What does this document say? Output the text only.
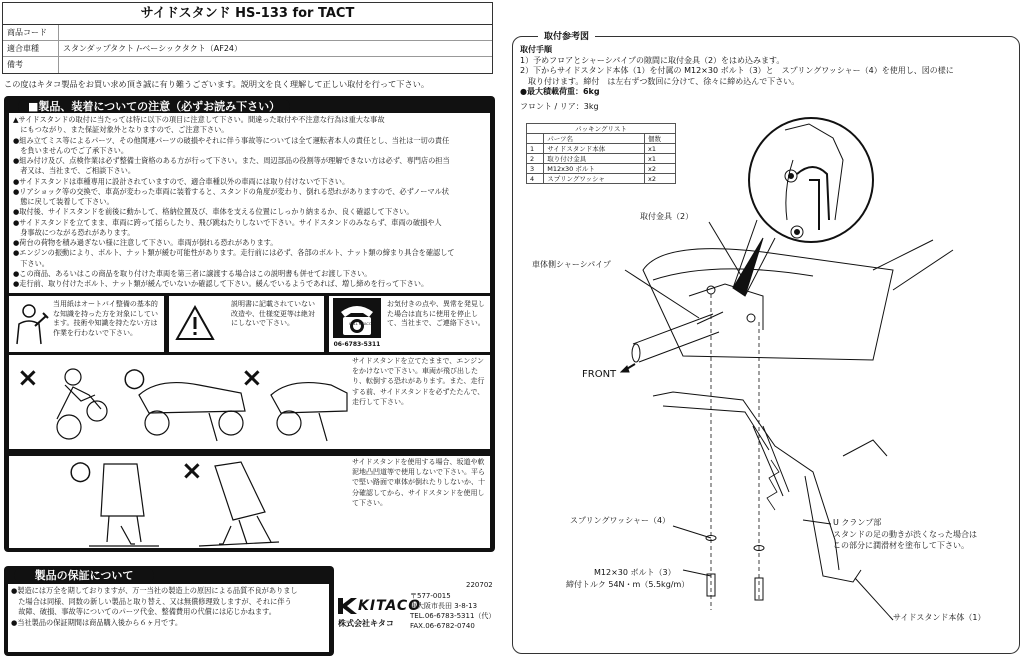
サイドスタンド HS-133 for TACT
商品コード
適合車種	スタンダップタクト /-ベーシックタクト（AF24）
備考
この度はキタコ製品をお買い求め頂き誠に有り難うございます。説明文を良く理解して正しい取付を行って下さい。
■製品、装着についての注意（必ずお読み下さい）
▲サイドスタンドの取付に当たっては特に以下の項目に注意して下さい。間違った取付や不注意な行為は重大な事故
　にもつながり、また保証対象外となりますので、ご注意下さい。
●組み立てミス等によるパーツ、その他関連パーツの破損やそれに伴う事故等については全て運転者本人の責任とし、当社は一切の責任
　を負いませんのでご了承下さい。
●組み付け及び、点検作業は必ず整備士資格のある方が行って下さい。また、周辺部品の役割等が理解できない方は必ず、専門店の担当
　者又は、当社まで、ご相談下さい。
●サイドスタンドは車種専用に設計されていますので、適合車種以外の車両には取り付けないで下さい。
●リアショック等の交換で、車高が変わった車両に装着すると、スタンドの角度が変わり、倒れる恐れがありますので、必ずノーマル状
　態に戻して装着して下さい。
●取付後、サイドスタンドを前後に動かして、格納位置及び、車体を支える位置にしっかり納まるか、良く確認して下さい。
●サイドスタンドを立てまま、車両に跨って揺らしたり、飛び跳ねたりしないで下さい。サイドスタンドのみならず、車両の破損や人
　身事故につながる恐れがあります。
●荷台の荷物を積み過ぎない様に注意して下さい。車両が倒れる恐れがあります。
●エンジンの振動により、ボルト、ナット類が緩む可能性があります。走行前には必ず、各部のボルト、ナット類の締まり具合を確認して
　下さい。
●この商品、あるいはこの商品を取り付けた車両を第三者に譲渡する場合はこの説明書も併せてお渡し下さい。
●走行前、取り付けたボルト、ナット類が緩んでいないか確認して下さい。緩んでいるようであれば、増し締めを行って下さい。
当用紙はオートバイ整備の基本的な知識を持った方を対象にしています。技術や知識を持たない方は作業を行わないで下さい。
説明書に記載されていない改造や、仕様変更等は絶対にしないで下さい。	CALL KITACO
06-6783-5311
お気付きの点や、異常を発見した場合は直ちに使用を停止して、当社まで、ご連絡下さい。
×	○	×
サイドスタンドを立てたままで、エンジンをかけないで下さい。車両が飛び出したり、転倒する恐れがあります。また、走行する前、サイドスタンドを必ずたたんで、走行して下さい。
○	×	サイドスタンドを使用する場合、坂道や軟泥地凸凹道等で使用しないで下さい。平らで堅い路面で車体が倒れたりしないか、十分確認してから、サイドスタンドを使用して下さい。
製品の保証について
●製造には万全を期しておりますが、万一当社の製造上の原因による品質不良がありまし
　た場合は同様、同数の新しい製品と取り替え、又は無償修理致しますが、それに伴う
　故障、破損、事故等についてのパーツ代金、整備費用の代償には応じかねます。
●当社製品の保証期間は商品購入後から６ヶ月です。
220702
KITACO
株式会社キタコ
〒577-0015
東大阪市長田 3-8-13
TEL.06-6783-5311（代）
FAX.06-6782-0740
取付参考図
取付手順
1）予めフロアとシャーシパイプの隙間に取付金具（2）をはめ込みます。
2）下からサイドスタンド本体（1）を付属の M12×30 ボルト（3）と　スプリングワッシャー（4）を使用し、図の様に
　取り付けます。締付　は左右ずつ数回に分けて、徐々に締め込んで下さい。
●最大積載荷重：6kg
フロント / リア：3kg
パッキングリスト		
	パーツ名	個数
1	サイドスタンド本体	x1
2	取り付け金具	x1
3	M12x30 ボルト	x2
4	スプリングワッシャ	x2
取付金具（2）
車体側シャーシパイプ
FRONT
スプリングワッシャー（4）
M12×30 ボルト（3）
締付トルク 54N・m（5.5kg/m）
U クランプ部
スタンドの足の動きが渋くなった場合は
この部分に潤滑材を塗布して下さい。
サイドスタンド本体（1）
